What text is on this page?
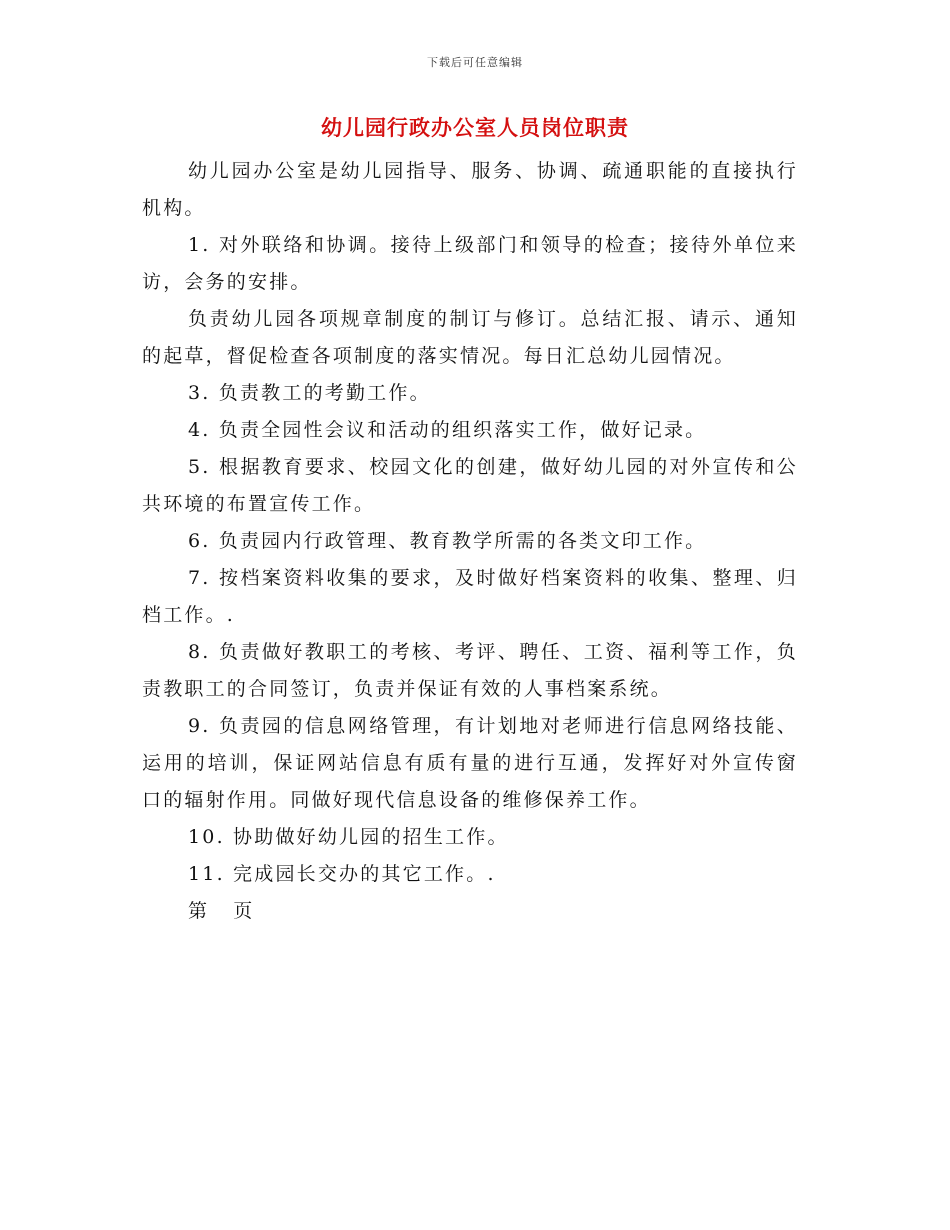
下载后可任意编辑
幼儿园行政办公室人员岗位职责

幼儿园办公室是幼儿园指导、服务、协调、疏通职能的直接执行机构。

1. 对外联络和协调。接待上级部门和领导的检查；接待外单位来访，会务的安排。

负责幼儿园各项规章制度的制订与修订。总结汇报、请示、通知的起草，督促检查各项制度的落实情况。每日汇总幼儿园情况。

3. 负责教工的考勤工作。

4. 负责全园性会议和活动的组织落实工作，做好记录。

5. 根据教育要求、校园文化的创建，做好幼儿园的对外宣传和公共环境的布置宣传工作。

6. 负责园内行政管理、教育教学所需的各类文印工作。

7. 按档案资料收集的要求，及时做好档案资料的收集、整理、归档工作。.

8. 负责做好教职工的考核、考评、聘任、工资、福利等工作，负责教职工的合同签订，负责并保证有效的人事档案系统。

9. 负责园的信息网络管理，有计划地对老师进行信息网络技能、运用的培训，保证网站信息有质有量的进行互通，发挥好对外宣传窗口的辐射作用。同做好现代信息设备的维修保养工作。

10. 协助做好幼儿园的招生工作。

11. 完成园长交办的其它工作。.

第 页
